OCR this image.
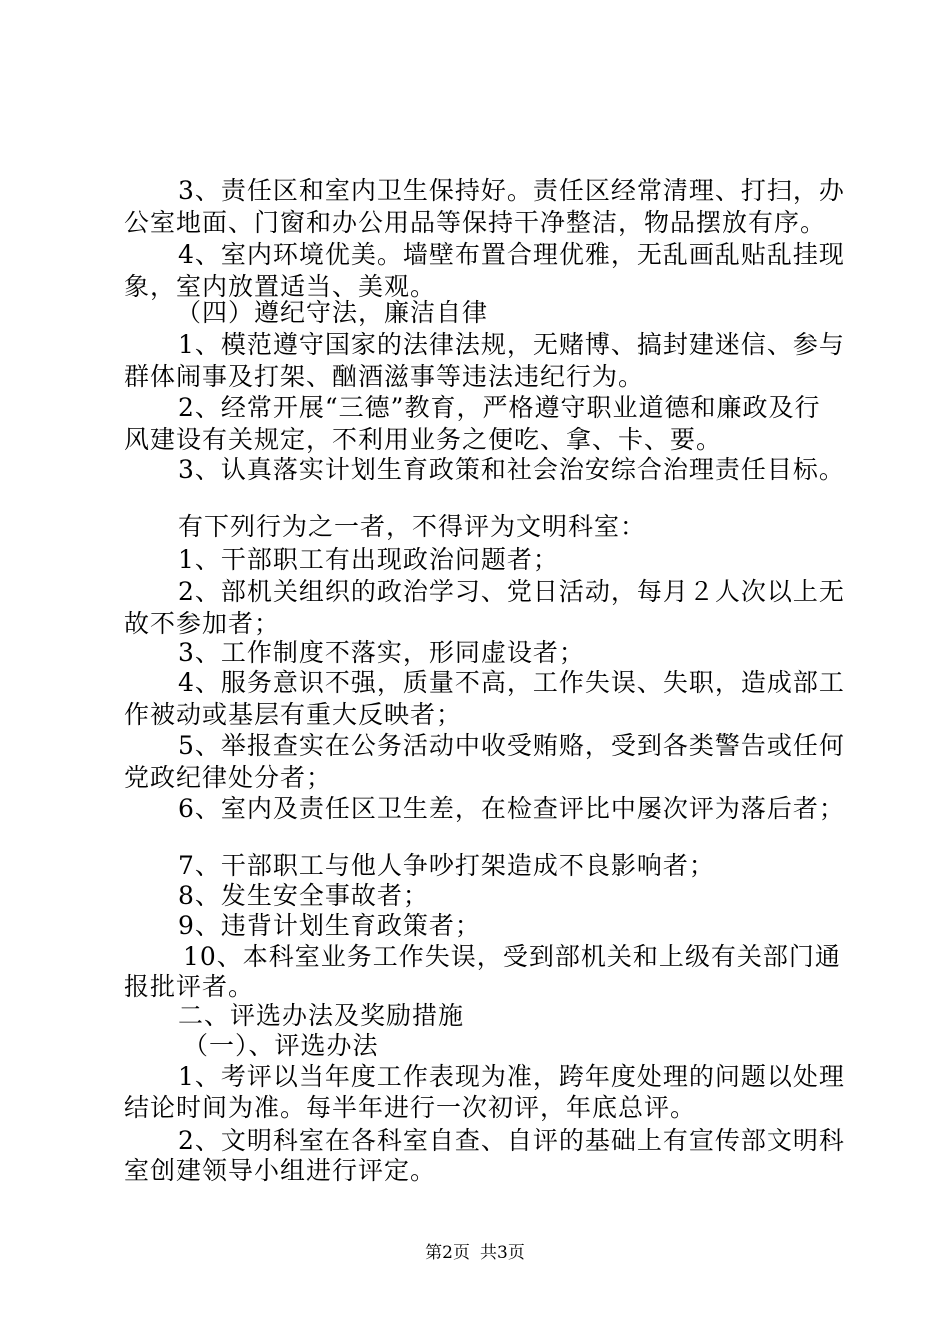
3、责任区和室内卫生保持好。责任区经常清理、打扫，办
公室地面、门窗和办公用品等保持干净整洁，物品摆放有序。
4、室内环境优美。墙壁布置合理优雅，无乱画乱贴乱挂现
象，室内放置适当、美观。
（四）遵纪守法，廉洁自律
1、模范遵守国家的法律法规，无赌博、搞封建迷信、参与
群体闹事及打架、酗酒滋事等违法违纪行为。
2、经常开展“三德”教育，严格遵守职业道德和廉政及行
风建设有关规定，不利用业务之便吃、拿、卡、要。
3、认真落实计划生育政策和社会治安综合治理责任目标。
有下列行为之一者，不得评为文明科室：
1、干部职工有出现政治问题者；
2、部机关组织的政治学习、党日活动，每月２人次以上无
故不参加者；
3、工作制度不落实，形同虚设者；
4、服务意识不强，质量不高，工作失误、失职，造成部工
作被动或基层有重大反映者；
5、举报查实在公务活动中收受贿赂，受到各类警告或任何
党政纪律处分者；
6、室内及责任区卫生差，在检查评比中屡次评为落后者；
7、干部职工与他人争吵打架造成不良影响者；
8、发生安全事故者；
9、违背计划生育政策者；
10、本科室业务工作失误，受到部机关和上级有关部门通
报批评者。
二、评选办法及奖励措施
（一）、评选办法
1、考评以当年度工作表现为准，跨年度处理的问题以处理
结论时间为准。每半年进行一次初评，年底总评。
2、文明科室在各科室自查、自评的基础上有宣传部文明科
室创建领导小组进行评定。
第2页 共3页
